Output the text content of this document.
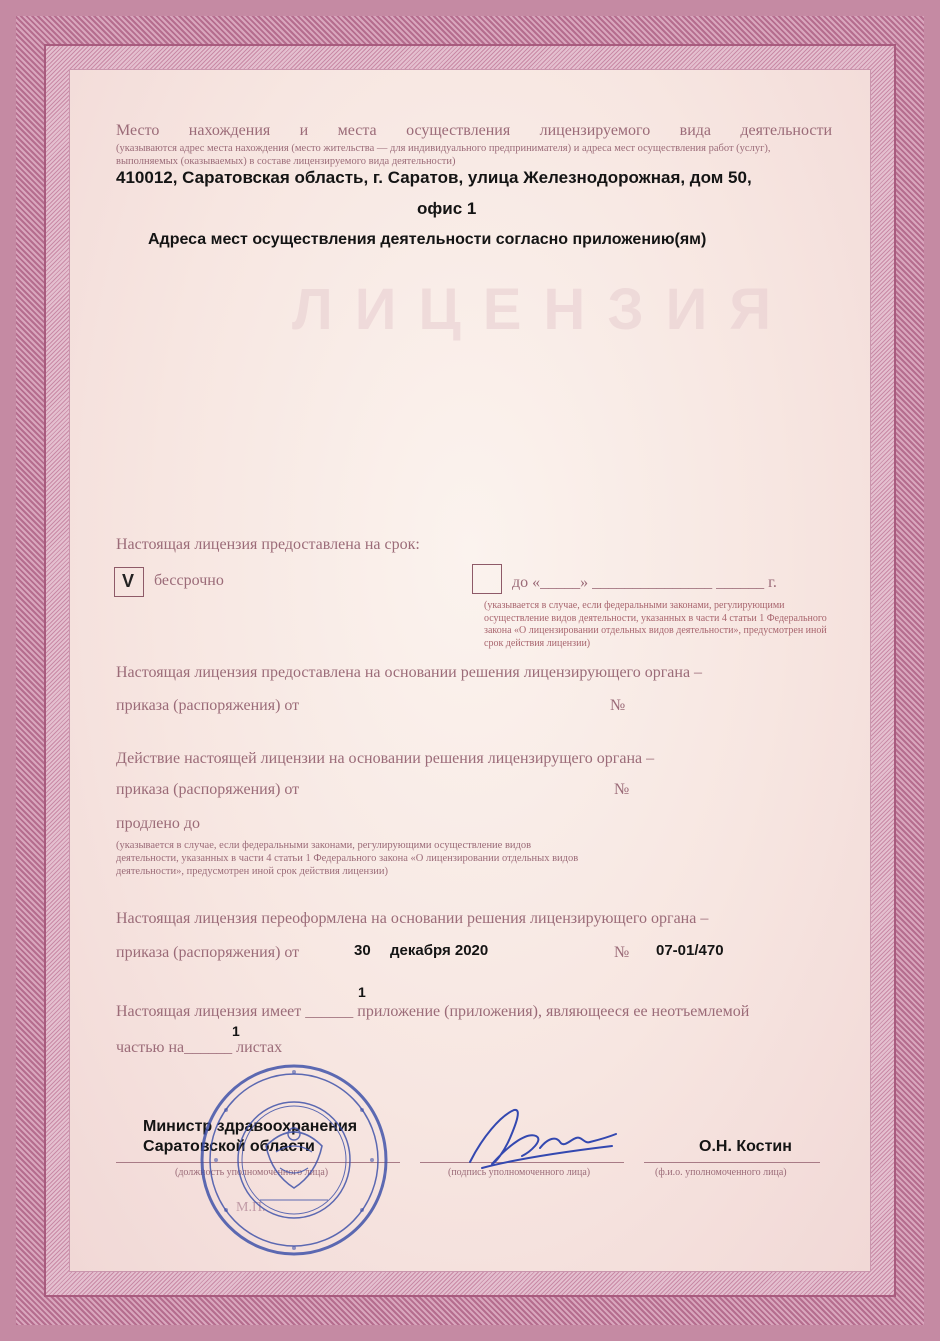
ЛИЦЕНЗИЯ
Место нахождения и места осуществления лицензируемого вида деятельности
(указываются адрес места нахождения (место жительства — для индивидуального предпринимателя) и адреса мест осуществления работ (услуг), выполняемых (оказываемых) в составе лицензируемого вида деятельности)
410012, Саратовская область, г. Саратов, улица Железнодорожная, дом 50,
офис 1
Адреса мест осуществления деятельности согласно приложению(ям)
Настоящая лицензия предоставлена на срок:
V бессрочно	до «_____» _______________ ______ г.
(указывается в случае, если федеральными законами, регулирующими осуществление видов деятельности, указанных в части 4 статьи 1 Федерального закона «О лицензировании отдельных видов деятельности», предусмотрен иной срок действия лицензии)
Настоящая лицензия предоставлена на основании решения лицензирующего органа –
приказа (распоряжения) от	№
Действие настоящей лицензии на основании решения лицензирущего органа –
приказа (распоряжения) от	№
продлено до
(указывается в случае, если федеральными законами, регулирующими осуществление видов деятельности, указанных в части 4 статьи 1 Федерального закона «О лицензировании отдельных видов деятельности», предусмотрен иной срок действия лицензии)
Настоящая лицензия переоформлена на основании решения лицензирующего органа –
приказа (распоряжения) от	30 декабря 2020	№ 07-01/470
Настоящая лицензия имеет ______ приложение (приложения), являющееся ее неотъемлемой
1
частью на______ листах
1
Министр здравоохранения
Саратовской области	О.Н. Костин
(должность уполномоченного лица)	(подпись уполномоченного лица)	(ф.и.о. уполномоченного лица)
М.П.
